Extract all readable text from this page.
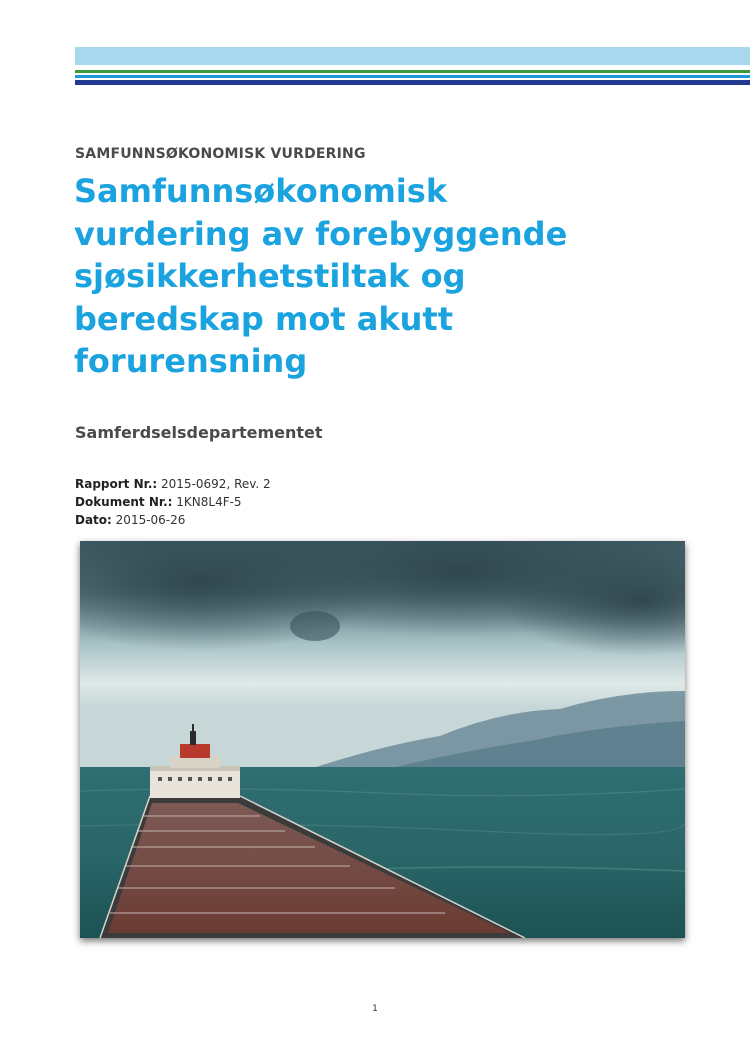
SAMFUNNSØKONOMISK VURDERING
Samfunnsøkonomisk
vurdering av forebyggende
sjøsikkerhetstiltak og
beredskap mot akutt
forurensning
Samferdselsdepartementet
Rapport Nr.: 2015-0692, Rev. 2
Dokument Nr.: 1KN8L4F-5
Dato: 2015-06-26
1
